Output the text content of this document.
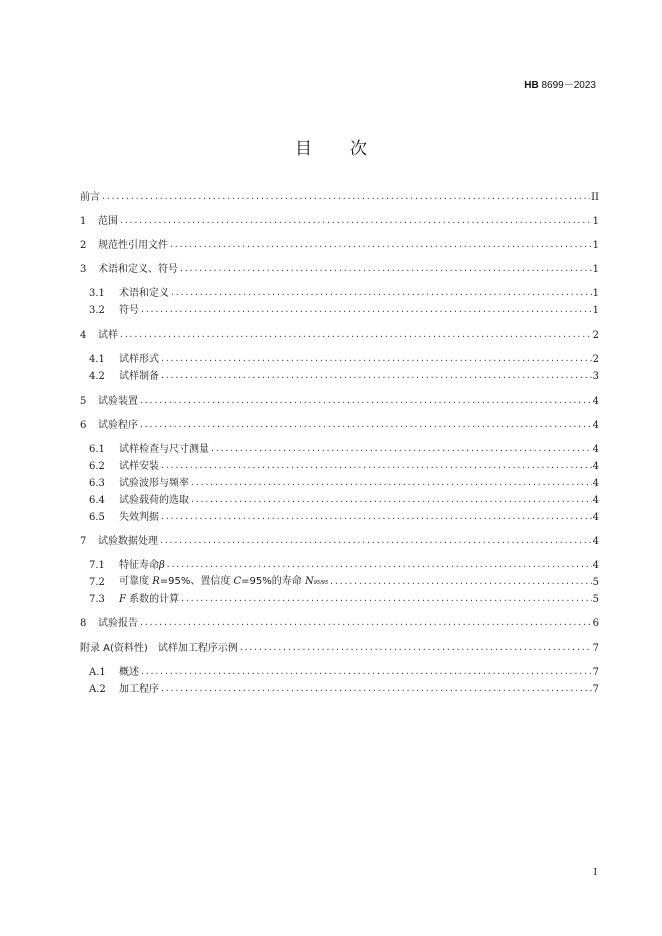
HB 8699－2023
目 次
前言 ·····	II
1	范围 ·····	1
2	规范性引用文件 ·····	1
3	术语和定义、符号 ·····	1
3.1	术语和定义 ·····	1
3.2	符号 ·····	1
4	试样 ·····	2
4.1	试样形式 ·····	2
4.2	试样制备 ·····	3
5	试验装置 ·····	4
6	试验程序 ·····	4
6.1	试样检查与尺寸测量 ·····	4
6.2	试样安装 ·····	4
6.3	试验波形与频率 ·····	4
6.4	试验载荷的选取 ·····	4
6.5	失效判据 ·····	4
7	试验数据处理 ·····	4
7.1	特征寿命β ·····	4
7.2	可靠度 R=95%、置信度 C=95%的寿命 N95/95 ·····	5
7.3	F 系数的计算 ·····	5
8	试验报告 ·····	6
附录 A(资料性)　试样加工程序示例 ·····	7
A.1	概述 ·····	7
A.2	加工程序 ·····	7
I
